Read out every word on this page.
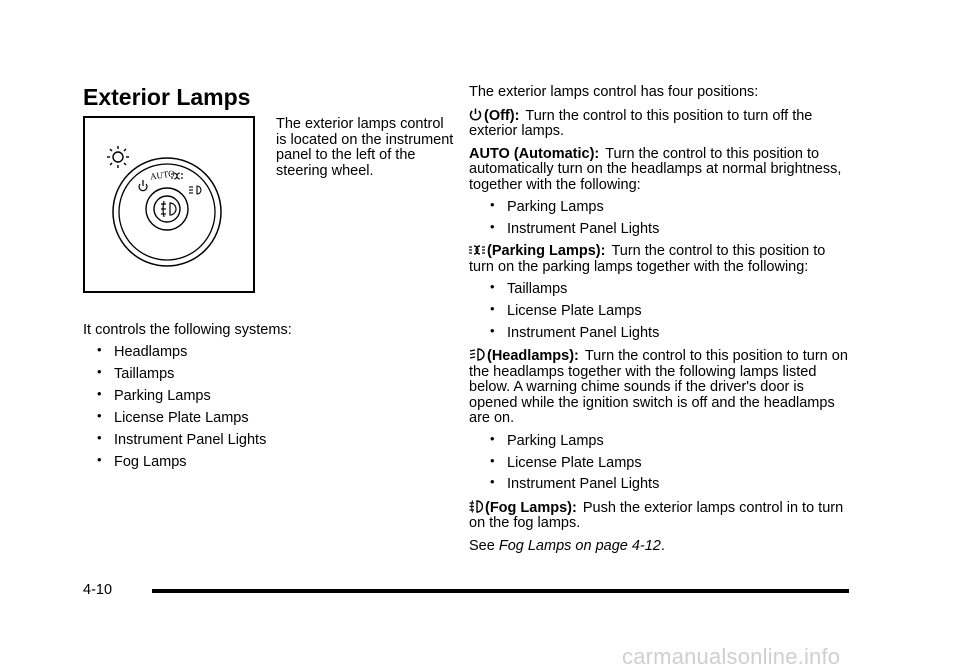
Exterior Lamps
AUTO

The exterior lamps control is located on the instrument panel to the left of the steering wheel.

It controls the following systems:

• Headlamps
• Taillamps
• Parking Lamps
• License Plate Lamps
• Instrument Panel Lights
• Fog Lamps

The exterior lamps control has four positions:

(Off): Turn the control to this position to turn off the exterior lamps.

AUTO (Automatic): Turn the control to this position to automatically turn on the headlamps at normal brightness, together with the following:

• Parking Lamps
• Instrument Panel Lights

(Parking Lamps): Turn the control to this position to turn on the parking lamps together with the following:

• Taillamps
• License Plate Lamps
• Instrument Panel Lights

(Headlamps): Turn the control to this position to turn on the headlamps together with the following lamps listed below. A warning chime sounds if the driver's door is opened while the ignition switch is off and the headlamps are on.

• Parking Lamps
• License Plate Lamps
• Instrument Panel Lights

(Fog Lamps): Push the exterior lamps control in to turn on the fog lamps.

See Fog Lamps on page 4-12.

4-10

carmanualsonline.info
